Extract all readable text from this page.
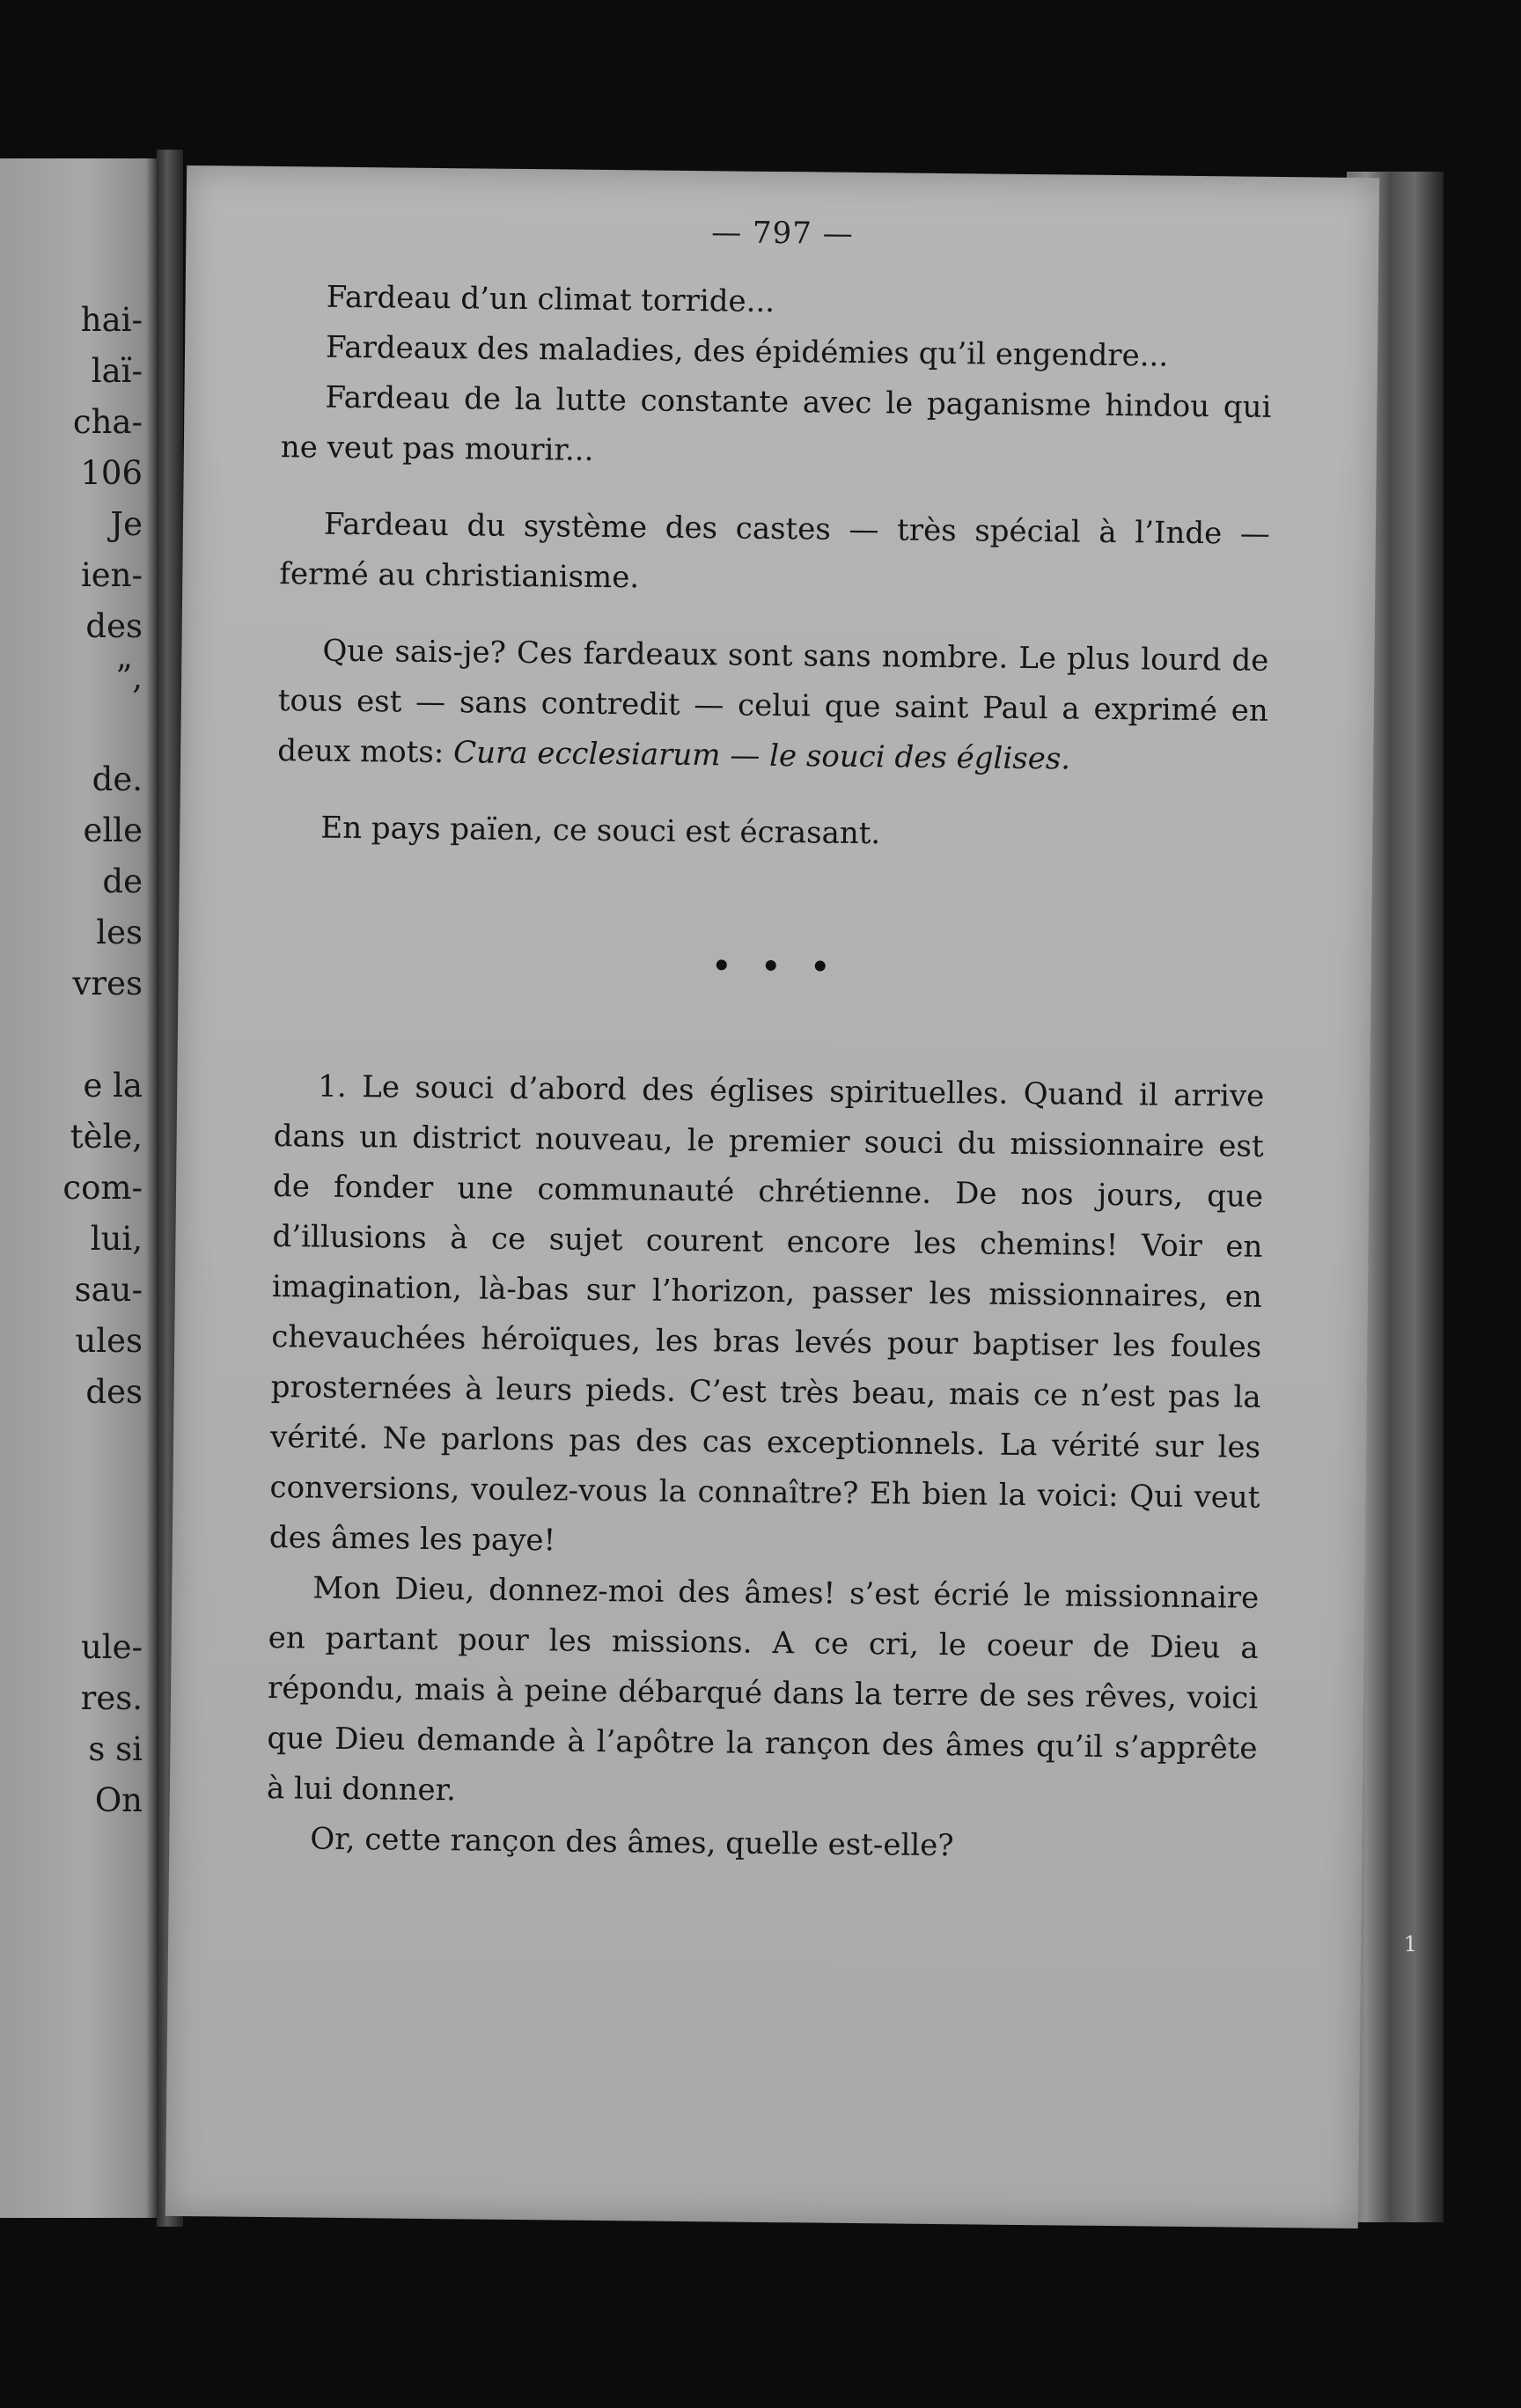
hai-
laï-
cha-
106
Je
ien-
des
”,
de.
elle
de
les
vres
e la
tèle,
com-
lui,
sau-
ules
des
ule-
res.
s si
On
1
— 797 —

Fardeau d’un climat torride...

Fardeaux des maladies, des épidémies qu’il engendre...

Fardeau de la lutte constante avec le paganisme hindou qui ne veut pas mourir...

Fardeau du système des castes — très spécial à l’Inde — fermé au christianisme.

Que sais-je? Ces fardeaux sont sans nombre. Le plus lourd de tous est — sans contredit — celui que saint Paul a exprimé en deux mots: Cura ecclesiarum — le souci des églises.

En pays païen, ce souci est écrasant.

1. Le souci d’abord des églises spirituelles. Quand il arrive dans un district nouveau, le premier souci du missionnaire est de fonder une communauté chrétienne. De nos jours, que d’illusions à ce sujet courent encore les chemins! Voir en imagination, là-bas sur l’horizon, passer les missionnaires, en chevauchées héroïques, les bras levés pour baptiser les foules prosternées à leurs pieds. C’est très beau, mais ce n’est pas la vérité. Ne parlons pas des cas exceptionnels. La vérité sur les conversions, voulez-vous la connaître? Eh bien la voici: Qui veut des âmes les paye!

Mon Dieu, donnez-moi des âmes! s’est écrié le missionnaire en partant pour les missions. A ce cri, le coeur de Dieu a répondu, mais à peine débarqué dans la terre de ses rêves, voici que Dieu demande à l’apôtre la rançon des âmes qu’il s’apprête à lui donner.

Or, cette rançon des âmes, quelle est-elle?
